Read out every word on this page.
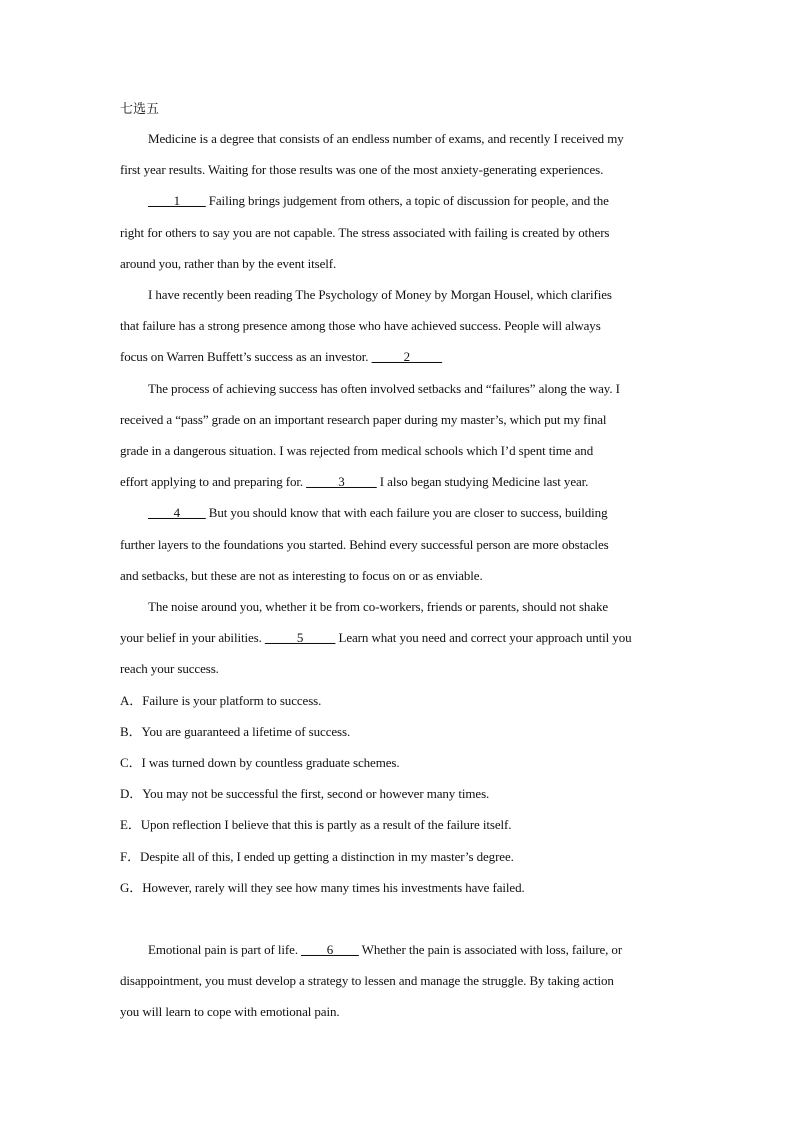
七选五
Medicine is a degree that consists of an endless number of exams, and recently I received my
first year results. Waiting for those results was one of the most anxiety-generating experiences.
____1____ Failing brings judgement from others, a topic of discussion for people, and the
right for others to say you are not capable. The stress associated with failing is created by others
around you, rather than by the event itself.
I have recently been reading The Psychology of Money by Morgan Housel, which clarifies
that failure has a strong presence among those who have achieved success. People will always
focus on Warren Buffett’s success as an investor. _____2_____
The process of achieving success has often involved setbacks and “failures” along the way. I
received a “pass” grade on an important research paper during my master’s, which put my final
grade in a dangerous situation. I was rejected from medical schools which I’d spent time and
effort applying to and preparing for. _____3_____ I also began studying Medicine last year.
____4____ But you should know that with each failure you are closer to success, building
further layers to the foundations you started. Behind every successful person are more obstacles
and setbacks, but these are not as interesting to focus on or as enviable.
The noise around you, whether it be from co-workers, friends or parents, should not shake
your belief in your abilities. _____5_____ Learn what you need and correct your approach until you
reach your success.
A．Failure is your platform to success.
B．You are guaranteed a lifetime of success.
C．I was turned down by countless graduate schemes.
D．You may not be successful the first, second or however many times.
E．Upon reflection I believe that this is partly as a result of the failure itself.
F．Despite all of this, I ended up getting a distinction in my master’s degree.
G．However, rarely will they see how many times his investments have failed.
Emotional pain is part of life. ____6____ Whether the pain is associated with loss, failure, or
disappointment, you must develop a strategy to lessen and manage the struggle. By taking action
you will learn to cope with emotional pain.
